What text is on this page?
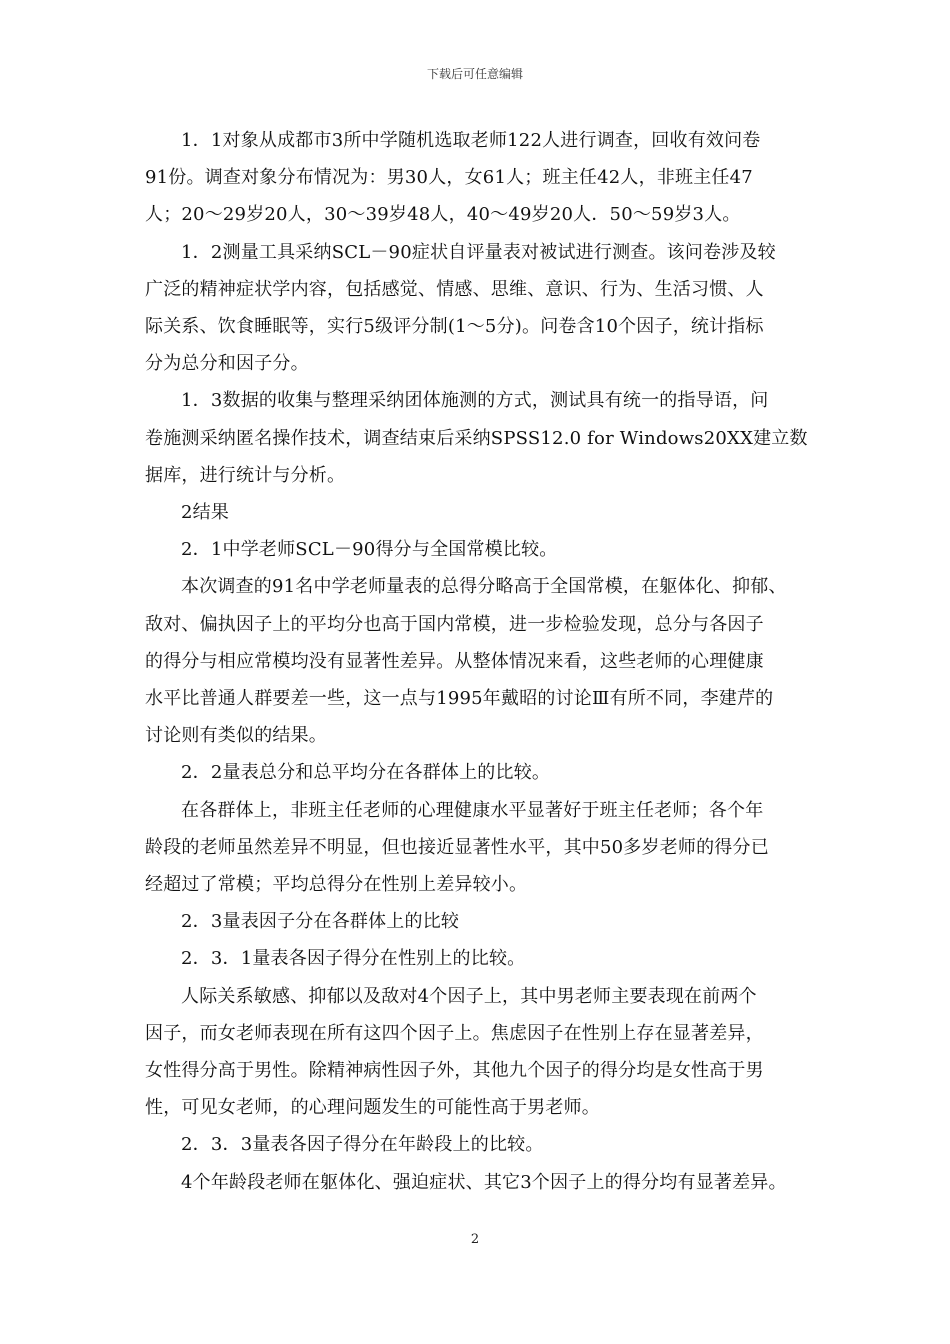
下载后可任意编辑

1．1对象从成都市3所中学随机选取老师122人进行调查，回收有效问卷
91份。调查对象分布情况为：男30人，女61人；班主任42人，非班主任47
人；20～29岁20人，30～39岁48人，40～49岁20人．50～59岁3人。

1．2测量工具采纳SCL－90症状自评量表对被试进行测查。该问卷涉及较
广泛的精神症状学内容，包括感觉、情感、思维、意识、行为、生活习惯、人
际关系、饮食睡眠等，实行5级评分制(1～5分)。问卷含10个因子，统计指标
分为总分和因子分。

1．3数据的收集与整理采纳团体施测的方式，测试具有统一的指导语，问
卷施测采纳匿名操作技术，调查结束后采纳SPSS12.0 for Windows20XX建立数
据库，进行统计与分析。

2结果

2．1中学老师SCL－90得分与全国常模比较。

本次调查的91名中学老师量表的总得分略高于全国常模，在躯体化、抑郁、
敌对、偏执因子上的平均分也高于国内常模，进一步检验发现，总分与各因子
的得分与相应常模均没有显著性差异。从整体情况来看，这些老师的心理健康
水平比普通人群要差一些，这一点与1995年戴昭的讨论Ⅲ有所不同，李建芹的
讨论则有类似的结果。

2．2量表总分和总平均分在各群体上的比较。

在各群体上，非班主任老师的心理健康水平显著好于班主任老师；各个年
龄段的老师虽然差异不明显，但也接近显著性水平，其中50多岁老师的得分已
经超过了常模；平均总得分在性别上差异较小。

2．3量表因子分在各群体上的比较

2．3．1量表各因子得分在性别上的比较。

人际关系敏感、抑郁以及敌对4个因子上，其中男老师主要表现在前两个
因子，而女老师表现在所有这四个因子上。焦虑因子在性别上存在显著差异，
女性得分高于男性。除精神病性因子外，其他九个因子的得分均是女性高于男
性，可见女老师，的心理问题发生的可能性高于男老师。

2．3．3量表各因子得分在年龄段上的比较。

4个年龄段老师在躯体化、强迫症状、其它3个因子上的得分均有显著差异。

2
